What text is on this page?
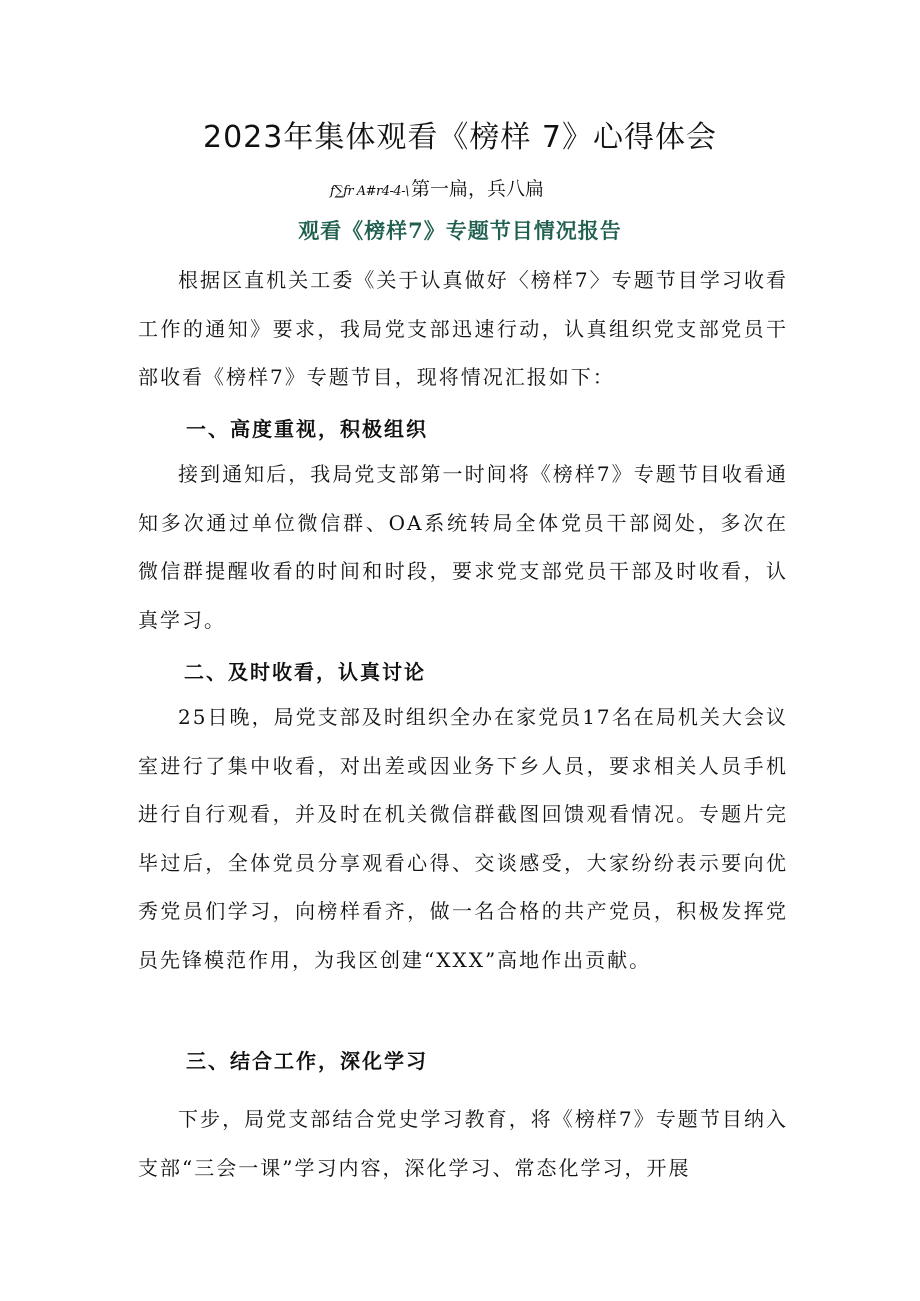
2023年集体观看《榜样 7》心得体会
f∑fr A#r4-4-\ 第一扁，兵八扁
观看《榜样7》专题节目情况报告
根据区直机关工委《关于认真做好〈榜样7〉专题节目学习收看工作的通知》要求，我局党支部迅速行动，认真组织党支部党员干部收看《榜样7》专题节目，现将情况汇报如下：
一、高度重视，积极组织
接到通知后，我局党支部第一时间将《榜样7》专题节目收看通知多次通过单位微信群、OA系统转局全体党员干部阅处，多次在微信群提醒收看的时间和时段，要求党支部党员干部及时收看，认真学习。
二、及时收看，认真讨论
25日晚，局党支部及时组织全办在家党员17名在局机关大会议室进行了集中收看，对出差或因业务下乡人员，要求相关人员手机进行自行观看，并及时在机关微信群截图回馈观看情况。专题片完毕过后，全体党员分享观看心得、交谈感受，大家纷纷表示要向优秀党员们学习，向榜样看齐，做一名合格的共产党员，积极发挥党员先锋模范作用，为我区创建“XXX”高地作出贡献。
三、结合工作，深化学习
下步，局党支部结合党史学习教育，将《榜样7》专题节目纳入支部“三会一课”学习内容，深化学习、常态化学习，开展
